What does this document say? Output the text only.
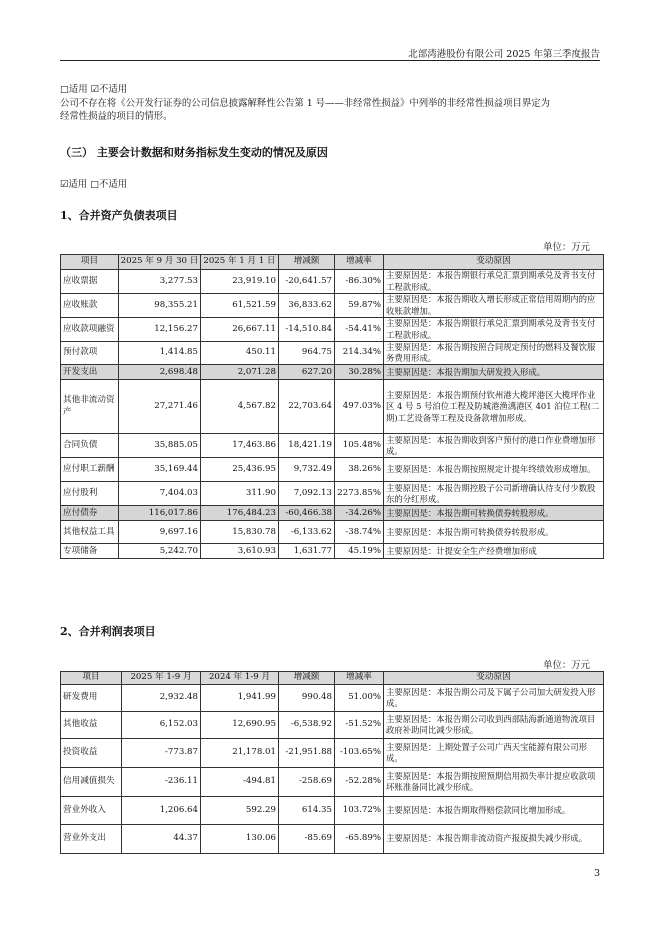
北部湾港股份有限公司 2025 年第三季度报告
□适用 ☑不适用
公司不存在将《公开发行证券的公司信息披露解释性公告第 1 号——非经常性损益》中列举的非经常性损益项目界定为
经常性损益的项目的情形。
（三） 主要会计数据和财务指标发生变动的情况及原因
☑适用 □不适用
1、合并资产负债表项目
单位：万元
项目	2025 年 9 月 30 日	2025 年 1 月 1 日	增减额	增减率	变动原因
应收票据	3,277.53	23,919.10	-20,641.57	-86.30%	主要原因是：本报告期银行承兑汇票到期承兑及背书支付工程款形成。
应收账款	98,355.21	61,521.59	36,833.62	59.87%	主要原因是：本报告期收入增长形成正常信用周期内的应收账款增加。
应收款项融资	12,156.27	26,667.11	-14,510.84	-54.41%	主要原因是：本报告期银行承兑汇票到期承兑及背书支付工程款形成。
预付款项	1,414.85	450.11	964.75	214.34%	主要原因是：本报告期按照合同规定预付的燃料及餐饮服务费用形成。
开发支出	2,698.48	2,071.28	627.20	30.28%	主要原因是：本报告期加大研发投入形成。
其他非流动资产	27,271.46	4,567.82	22,703.64	497.03%	主要原因是：本报告期预付钦州港大榄坪港区大榄坪作业区 4 号 5 号泊位工程及防城港渔澫港区 401 泊位工程(二期)工艺设备等工程及设备款增加形成。
合同负债	35,885.05	17,463.86	18,421.19	105.48%	主要原因是：本报告期收到客户预付的港口作业费增加形成。
应付职工薪酬	35,169.44	25,436.95	9,732.49	38.26%	主要原因是：本报告期按照规定计提年终绩效形成增加。
应付股利	7,404.03	311.90	7,092.13	2273.85%	主要原因是：本报告期控股子公司新增确认待支付少数股东的分红形成。
应付债券	116,017.86	176,484.23	-60,466.38	-34.26%	主要原因是：本报告期可转换债券转股形成。
其他权益工具	9,697.16	15,830.78	-6,133.62	-38.74%	主要原因是：本报告期可转换债券转股形成。
专项储备	5,242.70	3,610.93	1,631.77	45.19%	主要原因是：计提安全生产经费增加形成
2、合并利润表项目
单位：万元
项目	2025 年 1-9 月	2024 年 1-9 月	增减额	增减率	变动原因
研发费用	2,932.48	1,941.99	990.48	51.00%	主要原因是：本报告期公司及下属子公司加大研发投入形成。
其他收益	6,152.03	12,690.95	-6,538.92	-51.52%	主要原因是：本报告期公司收到西部陆海新通道物流项目政府补助同比减少形成。
投资收益	-773.87	21,178.01	-21,951.88	-103.65%	主要原因是：上期处置子公司广西天宝能源有限公司形成。
信用减值损失	-236.11	-494.81	-258.69	-52.28%	主要原因是：本报告期按照预期信用损失率计提应收款项坏账准备同比减少形成。
营业外收入	1,206.64	592.29	614.35	103.72%	主要原因是：本报告期取得赔偿款同比增加形成。
营业外支出	44.37	130.06	-85.69	-65.89%	主要原因是：本报告期非流动资产报废损失减少形成。
3
